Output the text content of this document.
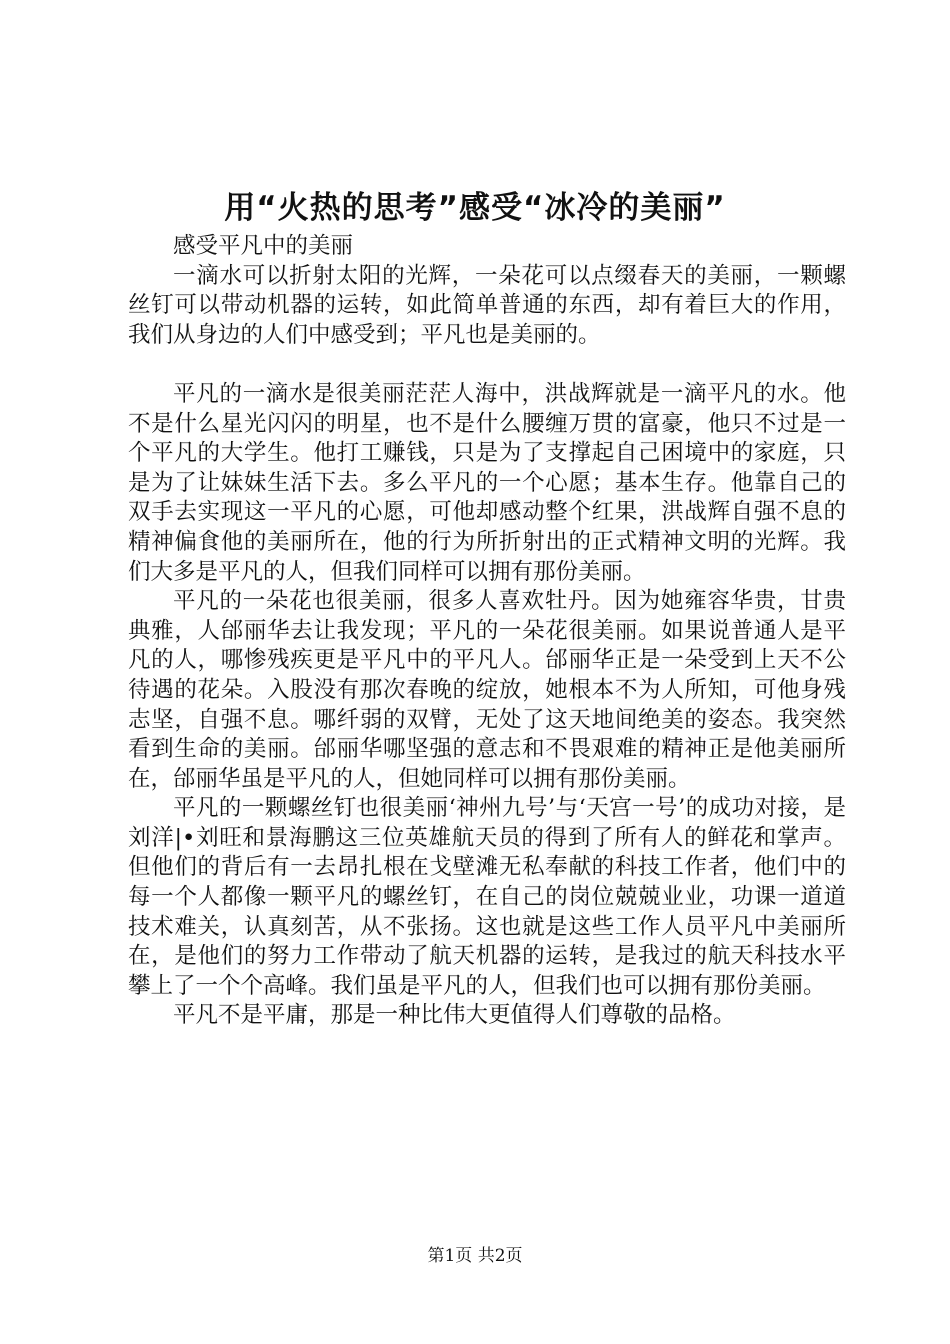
用“火热的思考”感受“冰冷的美丽”

感受平凡中的美丽

一滴水可以折射太阳的光辉，一朵花可以点缀春天的美丽，一颗螺丝钉可以带动机器的运转，如此简单普通的东西，却有着巨大的作用，我们从身边的人们中感受到；平凡也是美丽的。

平凡的一滴水是很美丽茫茫人海中，洪战辉就是一滴平凡的水。他不是什么星光闪闪的明星，也不是什么腰缠万贯的富豪，他只不过是一个平凡的大学生。他打工赚钱，只是为了支撑起自己困境中的家庭，只是为了让妹妹生活下去。多么平凡的一个心愿；基本生存。他靠自己的双手去实现这一平凡的心愿，可他却感动整个红果，洪战辉自强不息的精神偏食他的美丽所在，他的行为所折射出的正式精神文明的光辉。我们大多是平凡的人，但我们同样可以拥有那份美丽。

平凡的一朵花也很美丽，很多人喜欢牡丹。因为她雍容华贵，甘贵典雅，人邰丽华去让我发现；平凡的一朵花很美丽。如果说普通人是平凡的人，哪惨残疾更是平凡中的平凡人。邰丽华正是一朵受到上天不公待遇的花朵。入股没有那次春晚的绽放，她根本不为人所知，可他身残志坚，自强不息。哪纤弱的双臂，无处了这天地间绝美的姿态。我突然看到生命的美丽。邰丽华哪坚强的意志和不畏艰难的精神正是他美丽所在，邰丽华虽是平凡的人，但她同样可以拥有那份美丽。

平凡的一颗螺丝钉也很美丽‘神州九号’与‘天宫一号’的成功对接，是刘洋|•刘旺和景海鹏这三位英雄航天员的得到了所有人的鲜花和掌声。但他们的背后有一去昂扎根在戈壁滩无私奉献的科技工作者，他们中的每一个人都像一颗平凡的螺丝钉，在自己的岗位兢兢业业，功课一道道技术难关，认真刻苦，从不张扬。这也就是这些工作人员平凡中美丽所在，是他们的努力工作带动了航天机器的运转，是我过的航天科技水平攀上了一个个高峰。我们虽是平凡的人，但我们也可以拥有那份美丽。

平凡不是平庸，那是一种比伟大更值得人们尊敬的品格。

第1页 共2页
